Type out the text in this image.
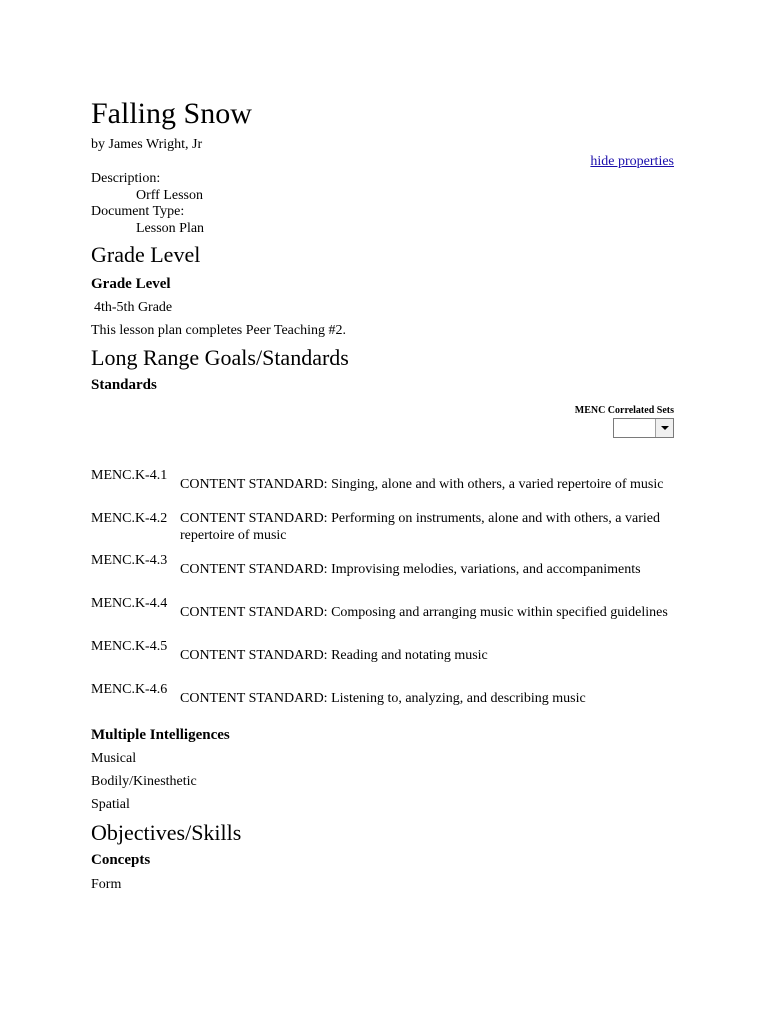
Falling Snow
by James Wright, Jr
hide properties
Description:
Orff Lesson
Document Type:
Lesson Plan
Grade Level
Grade Level
4th-5th Grade
This lesson plan completes Peer Teaching #2.
Long Range Goals/Standards
Standards
MENC Correlated Sets
MENC.K-4.1
CONTENT STANDARD: Singing, alone and with others, a varied repertoire of music
MENC.K-4.2 CONTENT STANDARD: Performing on instruments, alone and with others, a varied repertoire of music
MENC.K-4.3
CONTENT STANDARD: Improvising melodies, variations, and accompaniments
MENC.K-4.4
CONTENT STANDARD: Composing and arranging music within specified guidelines
MENC.K-4.5
CONTENT STANDARD: Reading and notating music
MENC.K-4.6
CONTENT STANDARD: Listening to, analyzing, and describing music
Multiple Intelligences
Musical
Bodily/Kinesthetic
Spatial
Objectives/Skills
Concepts
Form
